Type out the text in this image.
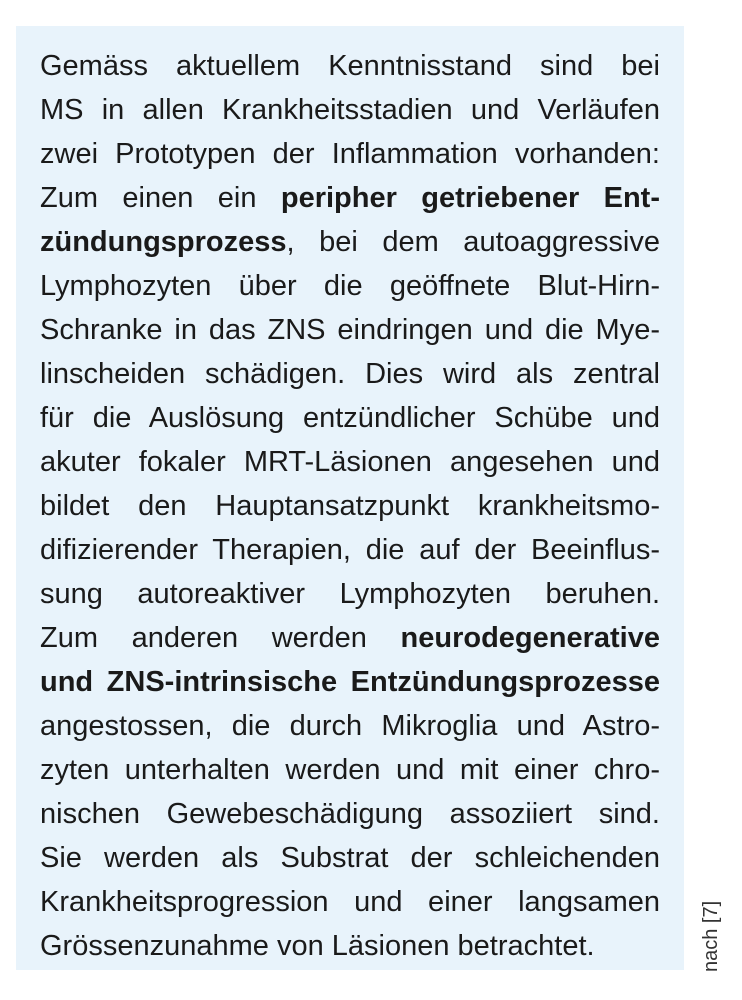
Gemäss aktuellem Kenntnisstand sind bei
MS in allen Krankheitsstadien und Verläufen
zwei Prototypen der Inflammation vorhanden:
Zum einen ein peripher getriebener Ent-
zündungsprozess, bei dem autoaggressive
Lymphozyten über die geöffnete Blut-Hirn-
Schranke in das ZNS eindringen und die Mye-
linscheiden schädigen. Dies wird als zentral
für die Auslösung entzündlicher Schübe und
akuter fokaler MRT-Läsionen angesehen und
bildet den Hauptansatzpunkt krankheitsmo-
difizierender Therapien, die auf der Beeinflus-
sung autoreaktiver Lymphozyten beruhen.
Zum anderen werden neurodegenerative
und ZNS-intrinsische Entzündungsprozesse
angestossen, die durch Mikroglia und Astro-
zyten unterhalten werden und mit einer chro-
nischen Gewebeschädigung assoziiert sind.
Sie werden als Substrat der schleichenden
Krankheitsprogression und einer langsamen
Grössenzunahme von Läsionen betrachtet.	nach [7]
